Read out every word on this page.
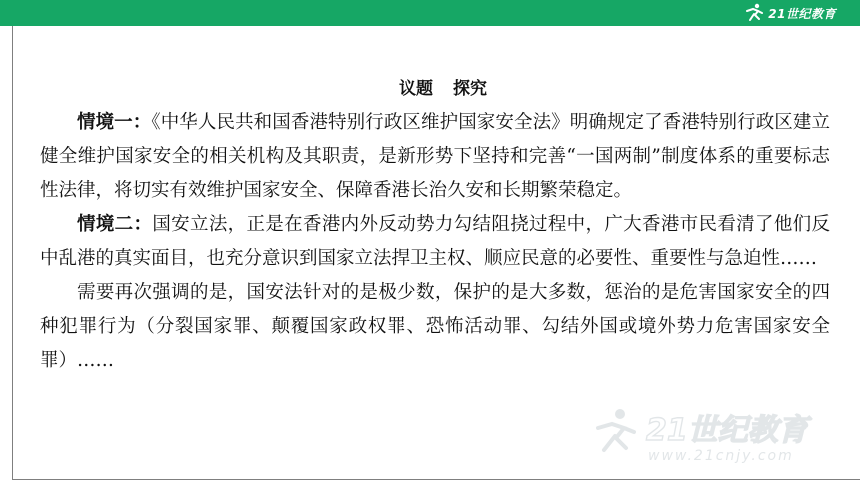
21世纪教育
21世纪教育
www.21cnjy.com
议题 探究

情境一：《中华人民共和国香港特别行政区维护国家安全法》明确规定了香港特别行政区建立健全维护国家安全的相关机构及其职责，是新形势下坚持和完善“一国两制”制度体系的重要标志性法律，将切实有效维护国家安全、保障香港长治久安和长期繁荣稳定。

情境二：国安立法，正是在香港内外反动势力勾结阻挠过程中，广大香港市民看清了他们反中乱港的真实面目，也充分意识到国家立法捍卫主权、顺应民意的必要性、重要性与急迫性……

需要再次强调的是，国安法针对的是极少数，保护的是大多数，惩治的是危害国家安全的四种犯罪行为（分裂国家罪、颠覆国家政权罪、恐怖活动罪、勾结外国或境外势力危害国家安全罪）……
